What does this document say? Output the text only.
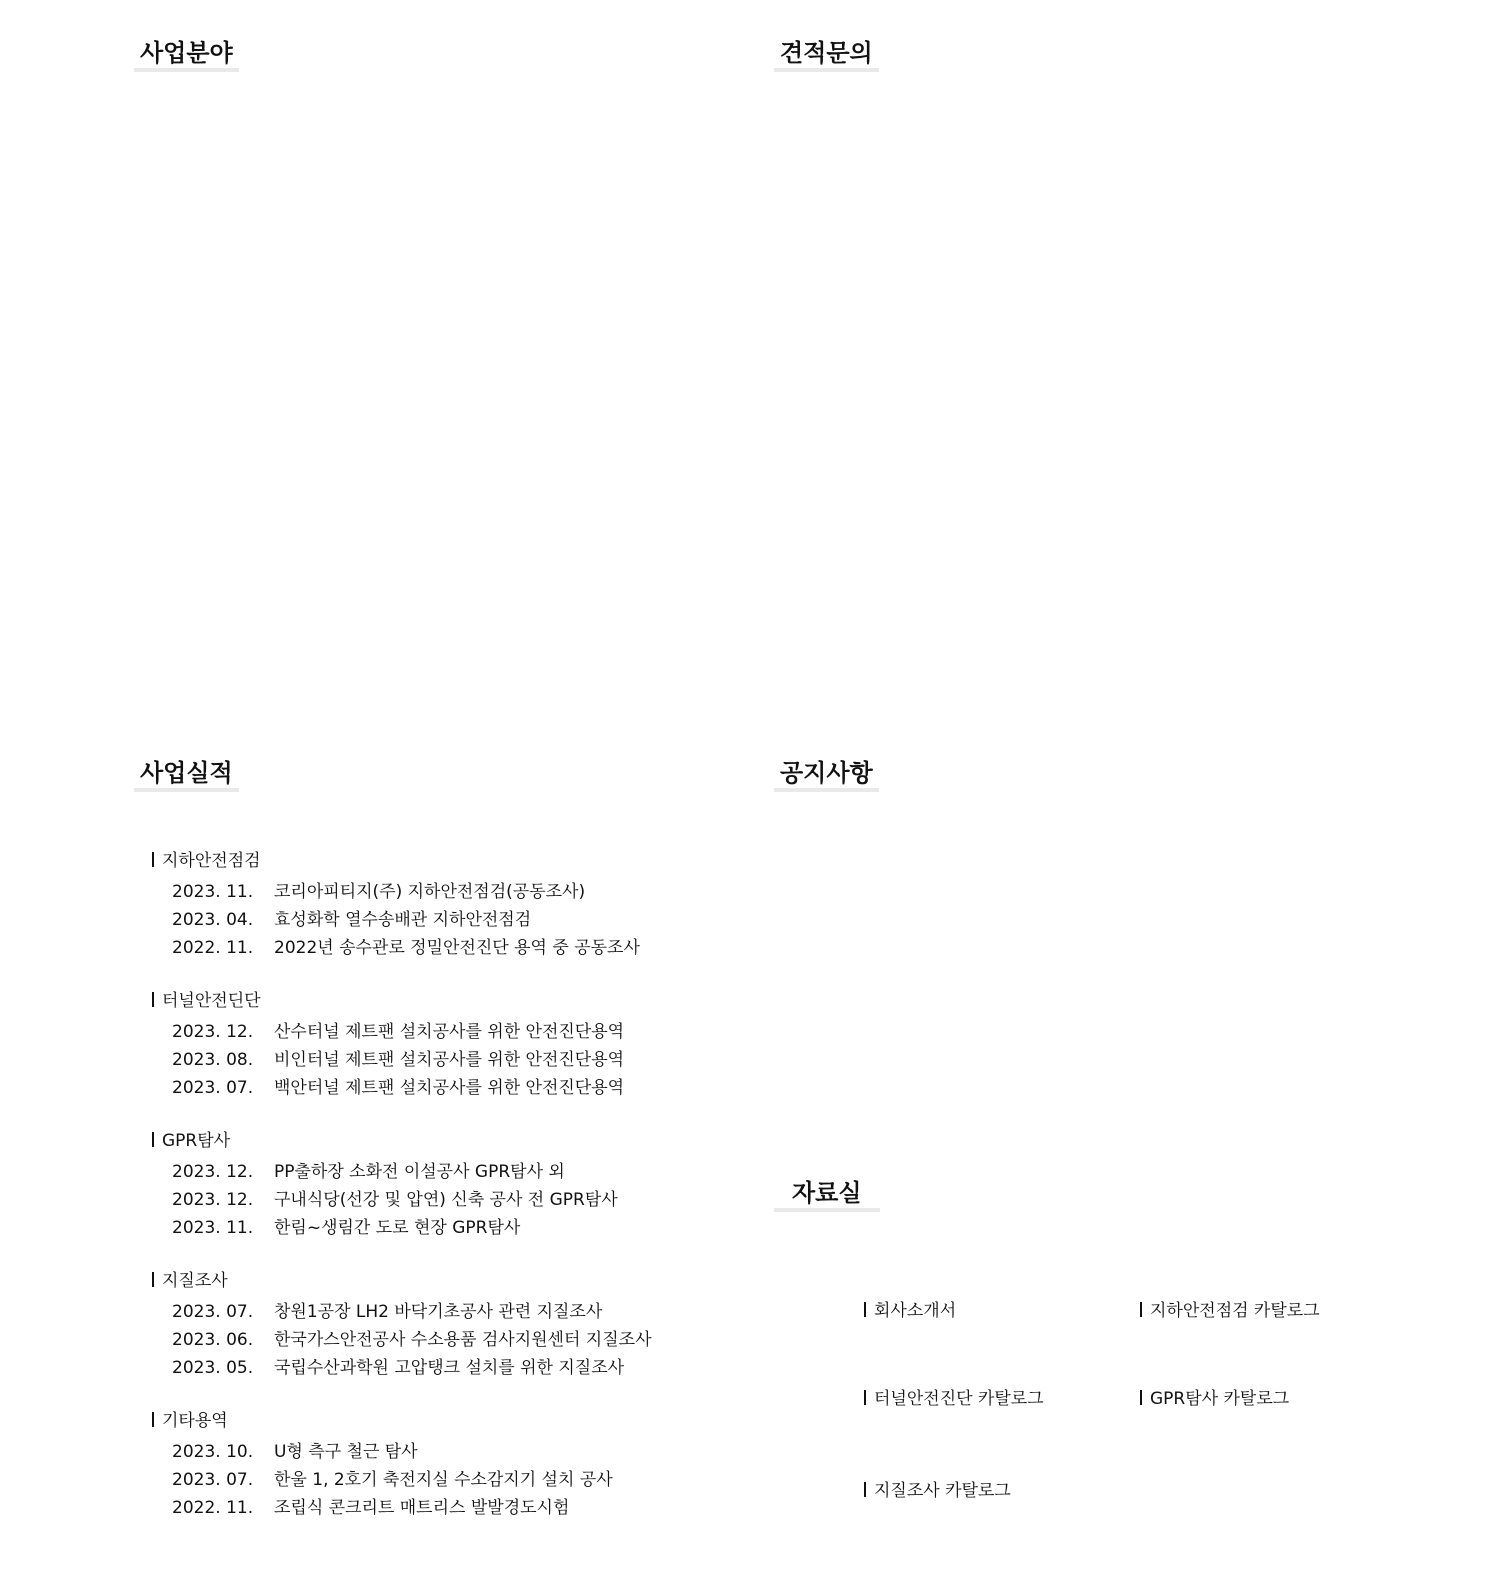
사업분야	견적문의
사업실적	공지사항
자료실
지하안전점검
2023. 11. 코리아피티지(주) 지하안전점검(공동조사)
2023. 04. 효성화학 열수송배관 지하안전점검
2022. 11. 2022년 송수관로 정밀안전진단 용역 중 공동조사
터널안전딘단
2023. 12. 산수터널 제트팬 설치공사를 위한 안전진단용역
2023. 08. 비인터널 제트팬 설치공사를 위한 안전진단용역
2023. 07. 백안터널 제트팬 설치공사를 위한 안전진단용역
GPR탐사
2023. 12. PP출하장 소화전 이설공사 GPR탐사 외
2023. 12. 구내식당(선강 및 압연) 신축 공사 전 GPR탐사
2023. 11. 한림~생림간 도로 현장 GPR탐사
지질조사
2023. 07. 창원1공장 LH2 바닥기초공사 관련 지질조사
2023. 06. 한국가스안전공사 수소용품 검사지원센터 지질조사
2023. 05. 국립수산과학원 고압탱크 설치를 위한 지질조사
기타용역
2023. 10. U형 측구 철근 탐사
2023. 07. 한울 1, 2호기 축전지실 수소감지기 설치 공사
2022. 11. 조립식 콘크리트 매트리스 발발경도시험
회사소개서	지하안전점검 카탈로그
터널안전진단 카탈로그	GPR탐사 카탈로그
지질조사 카탈로그
